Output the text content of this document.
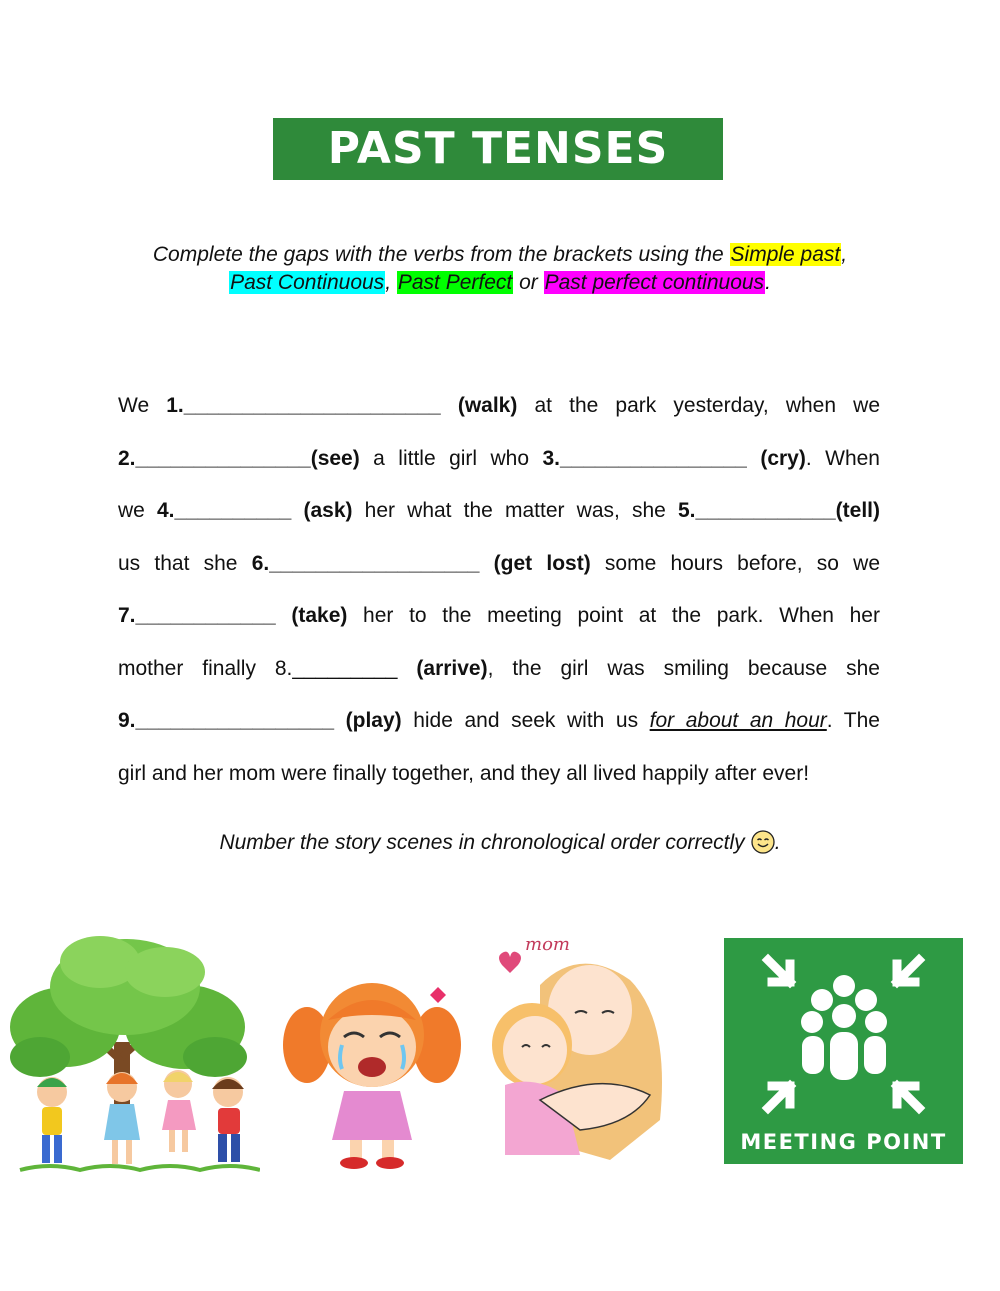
PAST TENSES
Complete the gaps with the verbs from the brackets using the Simple past,
Past Continuous, Past Perfect or Past perfect continuous.
We 1.______________________ (walk) at the park yesterday, when we
2._______________(see) a little girl who 3.________________ (cry). When
we 4.__________ (ask) her what the matter was, she 5.____________(tell)
us that she 6.__________________ (get lost) some hours before, so we
7.____________ (take) her to the meeting point at the park. When her
mother finally 8._________ (arrive), the girl was smiling because she
9._________________ (play) hide and seek with us for about an hour. The
girl and her mom were finally together, and they all lived happily after ever!
Number the story scenes in chronological order correctly .
mom
MEETING POINT
